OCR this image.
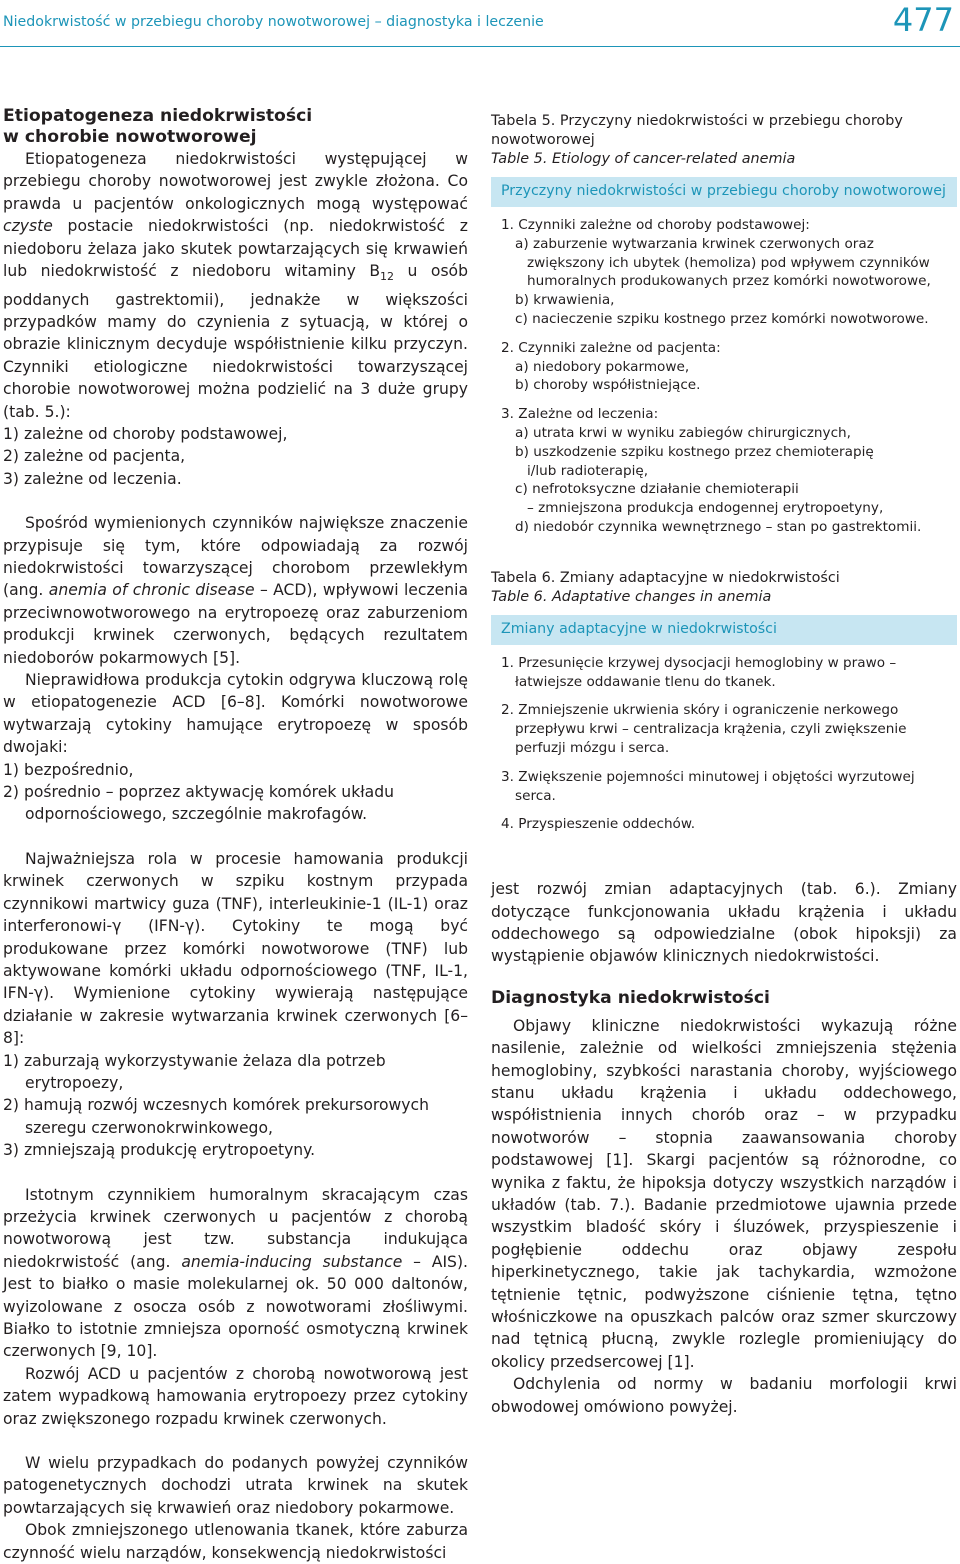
Niedokrwistość w przebiegu choroby nowotworowej – diagnostyka i leczenie	477

Etiopatogeneza niedokrwistości

w chorobie nowotworowej

Etiopatogeneza niedokrwistości występującej w przebiegu choroby nowotworowej jest zwykle złożona. Co prawda u pacjentów onkologicznych mogą występować czyste postacie niedokrwistości (np. niedokrwistość z niedoboru żelaza jako skutek powtarzających się krwawień lub niedokrwistość z niedoboru witaminy $B_{12}$ u osób poddanych gastrektomii), jednakże w większości przypadków mamy do czynienia z sytuacją, w której o obrazie klinicznym decyduje współistnienie kilku przyczyn. Czynniki etiologiczne niedokrwistości towarzyszącej chorobie nowotworowej można podzielić na 3 duże grupy (tab. 5.):

1) zależne od choroby podstawowej,

2) zależne od pacjenta,

3) zależne od leczenia.

Spośród wymienionych czynników największe znaczenie przypisuje się tym, które odpowiadają za rozwój niedokrwistości towarzyszącej chorobom przewlekłym (ang. anemia of chronic disease – ACD), wpływowi leczenia przeciwnowotworowego na erytropoezę oraz zaburzeniom produkcji krwinek czerwonych, będących rezultatem niedoborów pokarmowych [5].

Nieprawidłowa produkcja cytokin odgrywa kluczową rolę w etiopatogenezie ACD [6–8]. Komórki nowotworowe wytwarzają cytokiny hamujące erytropoezę w sposób dwojaki:

1) bezpośrednio,

2) pośrednio – poprzez aktywację komórek układu odpornościowego, szczególnie makrofagów.

Najważniejsza rola w procesie hamowania produkcji krwinek czerwonych w szpiku kostnym przypada czynnikowi martwicy guza (TNF), interleukinie-1 (IL-1) oraz interferonowi-γ (IFN-γ). Cytokiny te mogą być produkowane przez komórki nowotworowe (TNF) lub aktywowane komórki układu odpornościowego (TNF, IL-1, IFN-γ). Wymienione cytokiny wywierają następujące działanie w zakresie wytwarzania krwinek czerwonych [6–8]:

1) zaburzają wykorzystywanie żelaza dla potrzeb erytropoezy,

2) hamują rozwój wczesnych komórek prekursorowych szeregu czerwonokrwinkowego,

3) zmniejszają produkcję erytropoetyny.

Istotnym czynnikiem humoralnym skracającym czas przeżycia krwinek czerwonych u pacjentów z chorobą nowotworową jest tzw. substancja indukująca niedokrwistość (ang. anemia-inducing substance – AIS). Jest to białko o masie molekularnej ok. 50 000 daltonów, wyizolowane z osocza osób z nowotworami złośliwymi. Białko to istotnie zmniejsza oporność osmotyczną krwinek czerwonych [9, 10].

Rozwój ACD u pacjentów z chorobą nowotworową jest zatem wypadkową hamowania erytropoezy przez cytokiny oraz zwiększonego rozpadu krwinek czerwonych.

W wielu przypadkach do podanych powyżej czynników patogenetycznych dochodzi utrata krwinek na skutek powtarzających się krwawień oraz niedobory pokarmowe.

Obok zmniejszonego utlenowania tkanek, które zaburza czynność wielu narządów, konsekwencją niedokrwistości

Tabela 5. Przyczyny niedokrwistości w przebiegu choroby nowotworowej

Table 5. Etiology of cancer-related anemia

Przyczyny niedokrwistości w przebiegu choroby nowotworowej

1. Czynniki zależne od choroby podstawowej:

a) zaburzenie wytwarzania krwinek czerwonych oraz zwiększony ich ubytek (hemoliza) pod wpływem czynników humoralnych produkowanych przez komórki nowotworowe,

b) krwawienia,

c) nacieczenie szpiku kostnego przez komórki nowotworowe.

2. Czynniki zależne od pacjenta:

a) niedobory pokarmowe,

b) choroby współistniejące.

3. Zależne od leczenia:

a) utrata krwi w wyniku zabiegów chirurgicznych,

b) uszkodzenie szpiku kostnego przez chemioterapię

i/lub radioterapię,

c) nefrotoksyczne działanie chemioterapii

– zmniejszona produkcja endogennej erytropoetyny,

d) niedobór czynnika wewnętrznego – stan po gastrektomii.

Tabela 6. Zmiany adaptacyjne w niedokrwistości

Table 6. Adaptative changes in anemia

Zmiany adaptacyjne w niedokrwistości

1. Przesunięcie krzywej dysocjacji hemoglobiny w prawo – łatwiejsze oddawanie tlenu do tkanek.

2. Zmniejszenie ukrwienia skóry i ograniczenie nerkowego przepływu krwi – centralizacja krążenia, czyli zwiększenie perfuzji mózgu i serca.

3. Zwiększenie pojemności minutowej i objętości wyrzutowej serca.

4. Przyspieszenie oddechów.

jest rozwój zmian adaptacyjnych (tab. 6.). Zmiany dotyczące funkcjonowania układu krążenia i układu oddechowego są odpowiedzialne (obok hipoksji) za wystąpienie objawów klinicznych niedokrwistości.

Diagnostyka niedokrwistości

Objawy kliniczne niedokrwistości wykazują różne nasilenie, zależnie od wielkości zmniejszenia stężenia hemoglobiny, szybkości narastania choroby, wyjściowego stanu układu krążenia i układu oddechowego, współistnienia innych chorób oraz – w przypadku nowotworów – stopnia zaawansowania choroby podstawowej [1]. Skargi pacjentów są różnorodne, co wynika z faktu, że hipoksja dotyczy wszystkich narządów i układów (tab. 7.). Badanie przedmiotowe ujawnia przede wszystkim bladość skóry i śluzówek, przyspieszenie i pogłębienie oddechu oraz objawy zespołu hiperkinetycznego, takie jak tachykardia, wzmożone tętnienie tętnic, podwyższone ciśnienie tętna, tętno włośniczkowe na opuszkach palców oraz szmer skurczowy nad tętnicą płucną, zwykle rozlegle promieniujący do okolicy przedsercowej [1].

Odchylenia od normy w badaniu morfologii krwi obwodowej omówiono powyżej.
